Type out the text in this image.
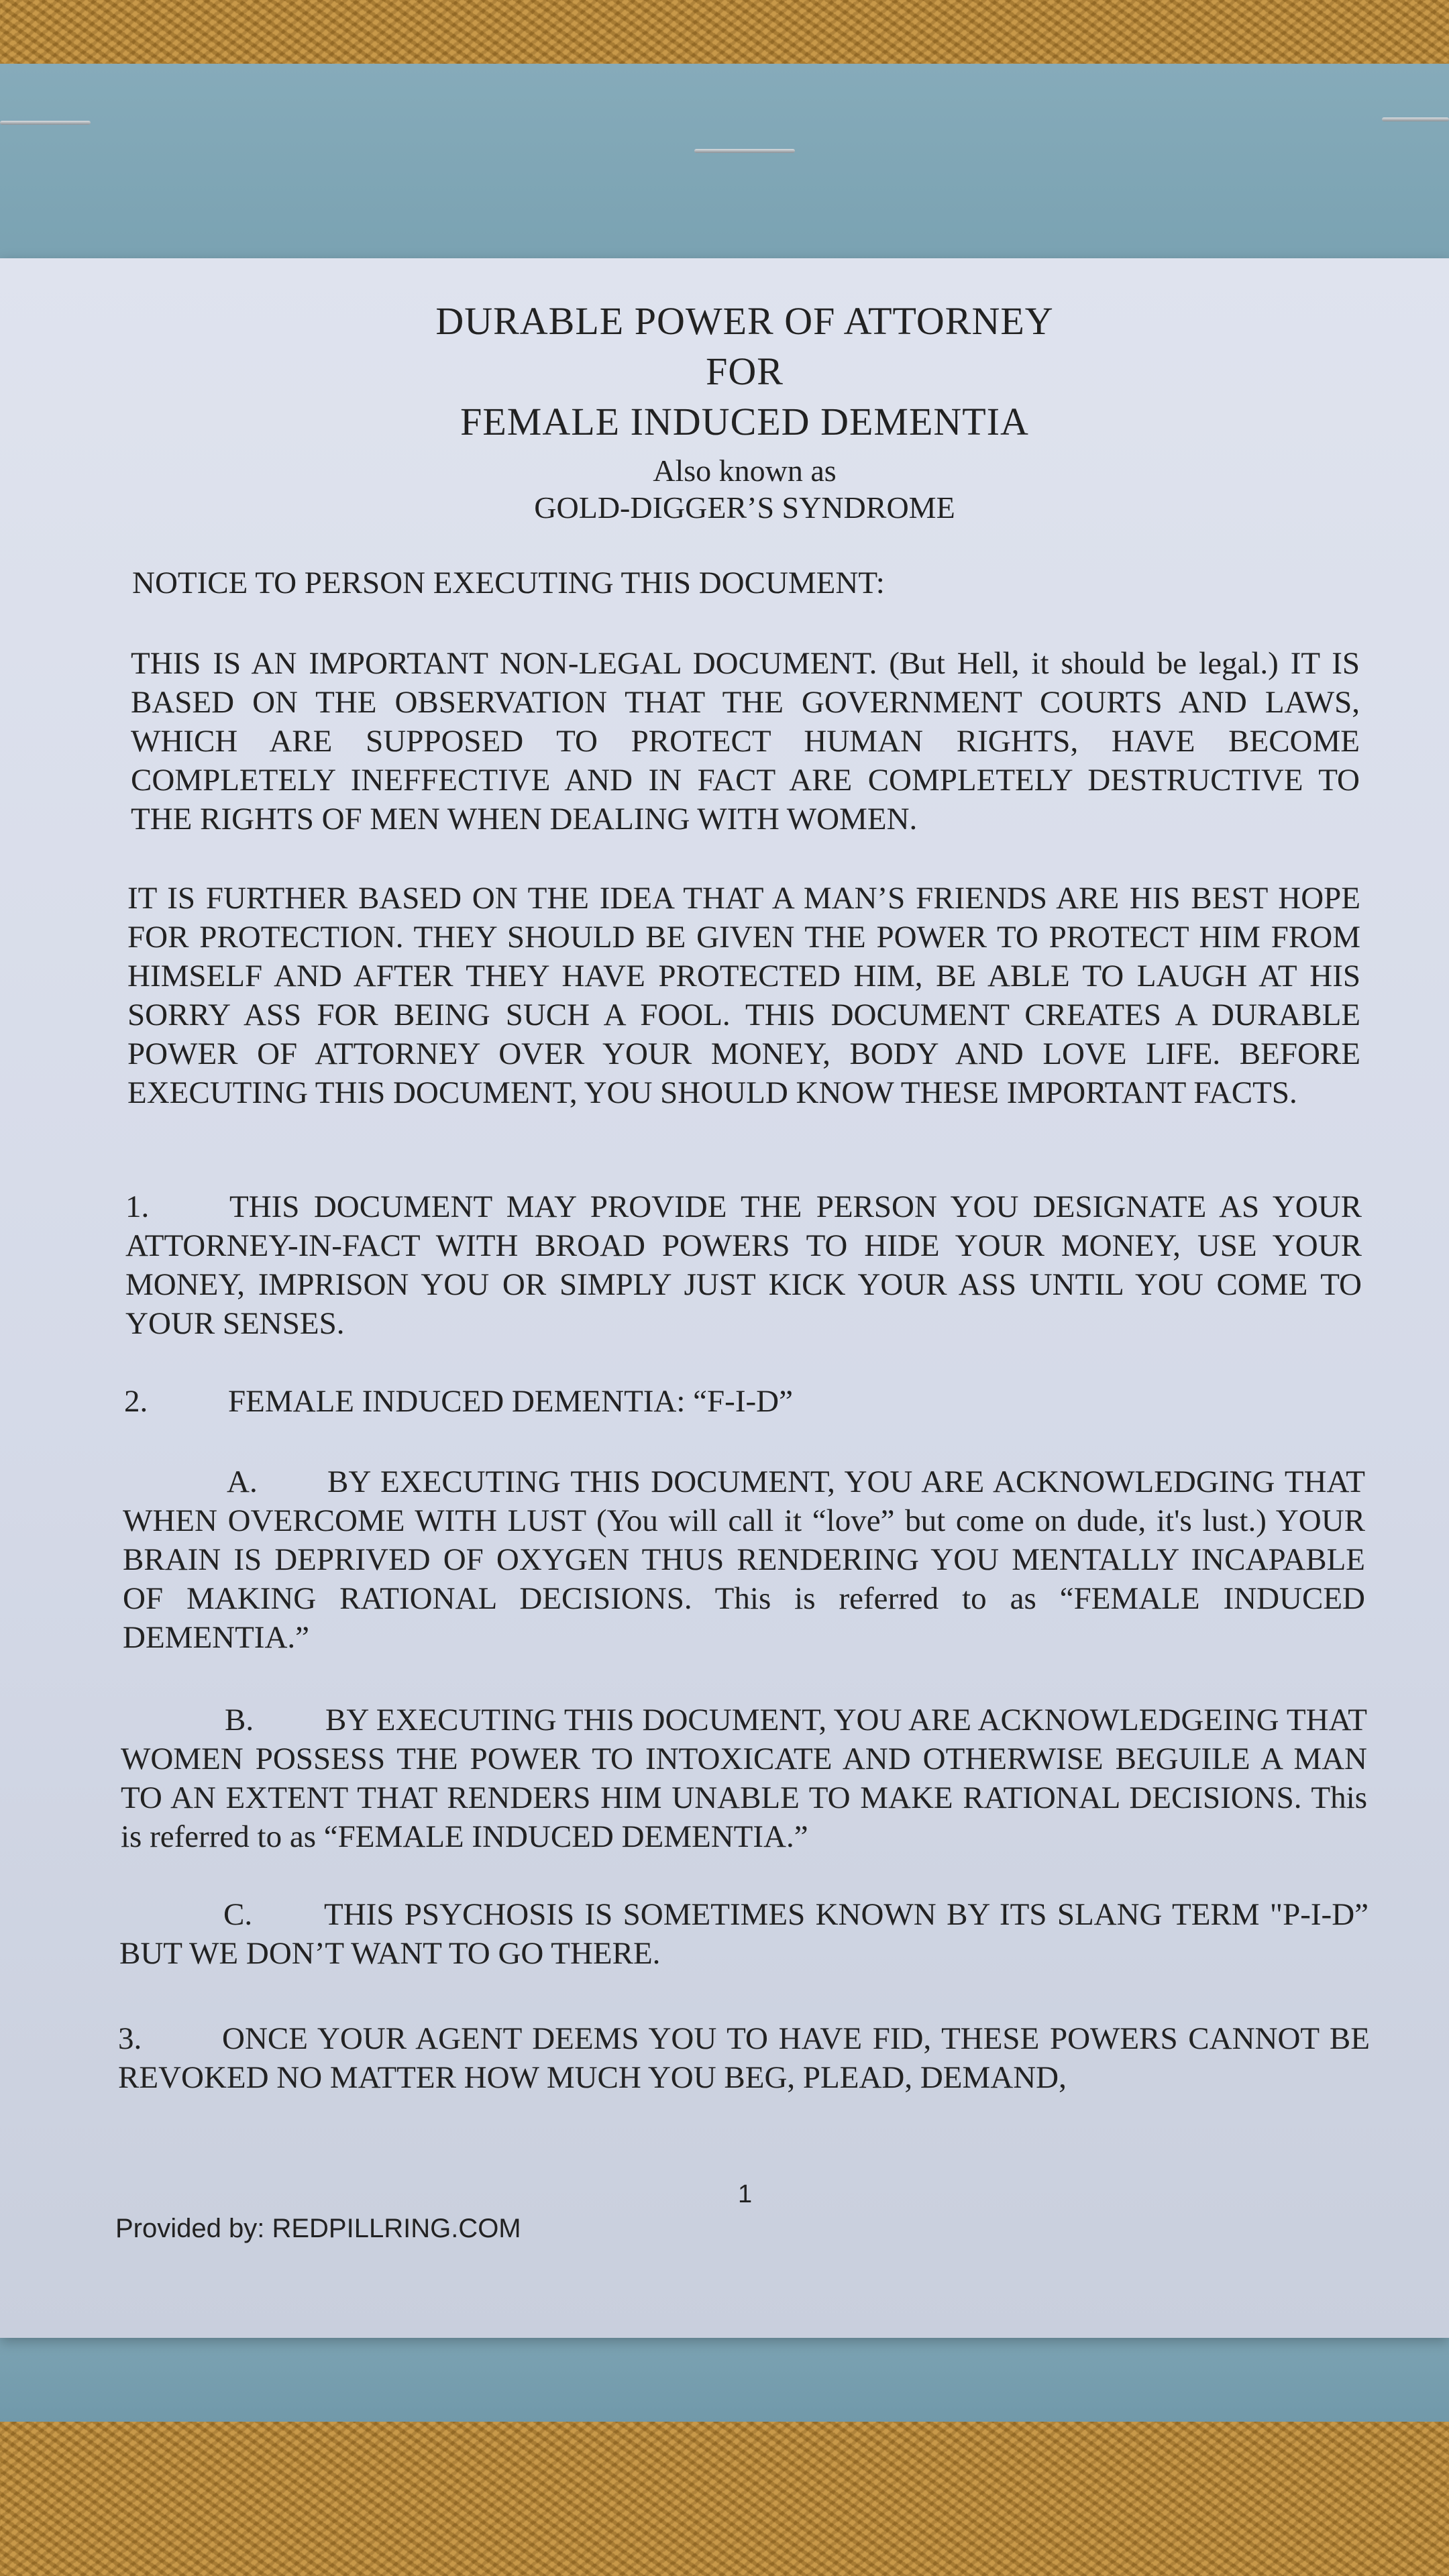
DURABLE POWER OF ATTORNEY
FOR
FEMALE INDUCED DEMENTIA
Also known as
GOLD-DIGGER’S SYNDROME
NOTICE TO PERSON EXECUTING THIS DOCUMENT:
THIS IS AN IMPORTANT NON-LEGAL DOCUMENT. (But Hell, it should be legal.) IT IS BASED ON THE OBSERVATION THAT THE GOVERNMENT COURTS AND LAWS, WHICH ARE SUPPOSED TO PROTECT HUMAN RIGHTS, HAVE BECOME COMPLETELY INEFFECTIVE AND IN FACT ARE COMPLETELY DESTRUCTIVE TO THE RIGHTS OF MEN WHEN DEALING WITH WOMEN.
IT IS FURTHER BASED ON THE IDEA THAT A MAN’S FRIENDS ARE HIS BEST HOPE FOR PROTECTION. THEY SHOULD BE GIVEN THE POWER TO PROTECT HIM FROM HIMSELF AND AFTER THEY HAVE PROTECTED HIM, BE ABLE TO LAUGH AT HIS SORRY ASS FOR BEING SUCH A FOOL. THIS DOCUMENT CREATES A DURABLE POWER OF ATTORNEY OVER YOUR MONEY, BODY AND LOVE LIFE. BEFORE EXECUTING THIS DOCUMENT, YOU SHOULD KNOW THESE IMPORTANT FACTS.
1.	THIS DOCUMENT MAY PROVIDE THE PERSON YOU DESIGNATE AS YOUR ATTORNEY-IN-FACT WITH BROAD POWERS TO HIDE YOUR MONEY, USE YOUR MONEY, IMPRISON YOU OR SIMPLY JUST KICK YOUR ASS UNTIL YOU COME TO YOUR SENSES.
2.	FEMALE INDUCED DEMENTIA: “F-I-D”
A. BY EXECUTING THIS DOCUMENT, YOU ARE ACKNOWLEDGING THAT WHEN OVERCOME WITH LUST (You will call it “love” but come on dude, it's lust.) YOUR BRAIN IS DEPRIVED OF OXYGEN THUS RENDERING YOU MENTALLY INCAPABLE OF MAKING RATIONAL DECISIONS. This is referred to as “FEMALE INDUCED DEMENTIA.”
B. BY EXECUTING THIS DOCUMENT, YOU ARE ACKNOWLEDGEING THAT WOMEN POSSESS THE POWER TO INTOXICATE AND OTHERWISE BEGUILE A MAN TO AN EXTENT THAT RENDERS HIM UNABLE TO MAKE RATIONAL DECISIONS. This is referred to as “FEMALE INDUCED DEMENTIA.”
C. THIS PSYCHOSIS IS SOMETIMES KNOWN BY ITS SLANG TERM "P-I-D” BUT WE DON’T WANT TO GO THERE.
3.	ONCE YOUR AGENT DEEMS YOU TO HAVE FID, THESE POWERS CANNOT BE REVOKED NO MATTER HOW MUCH YOU BEG, PLEAD, DEMAND,
1
Provided by: REDPILLRING.COM
